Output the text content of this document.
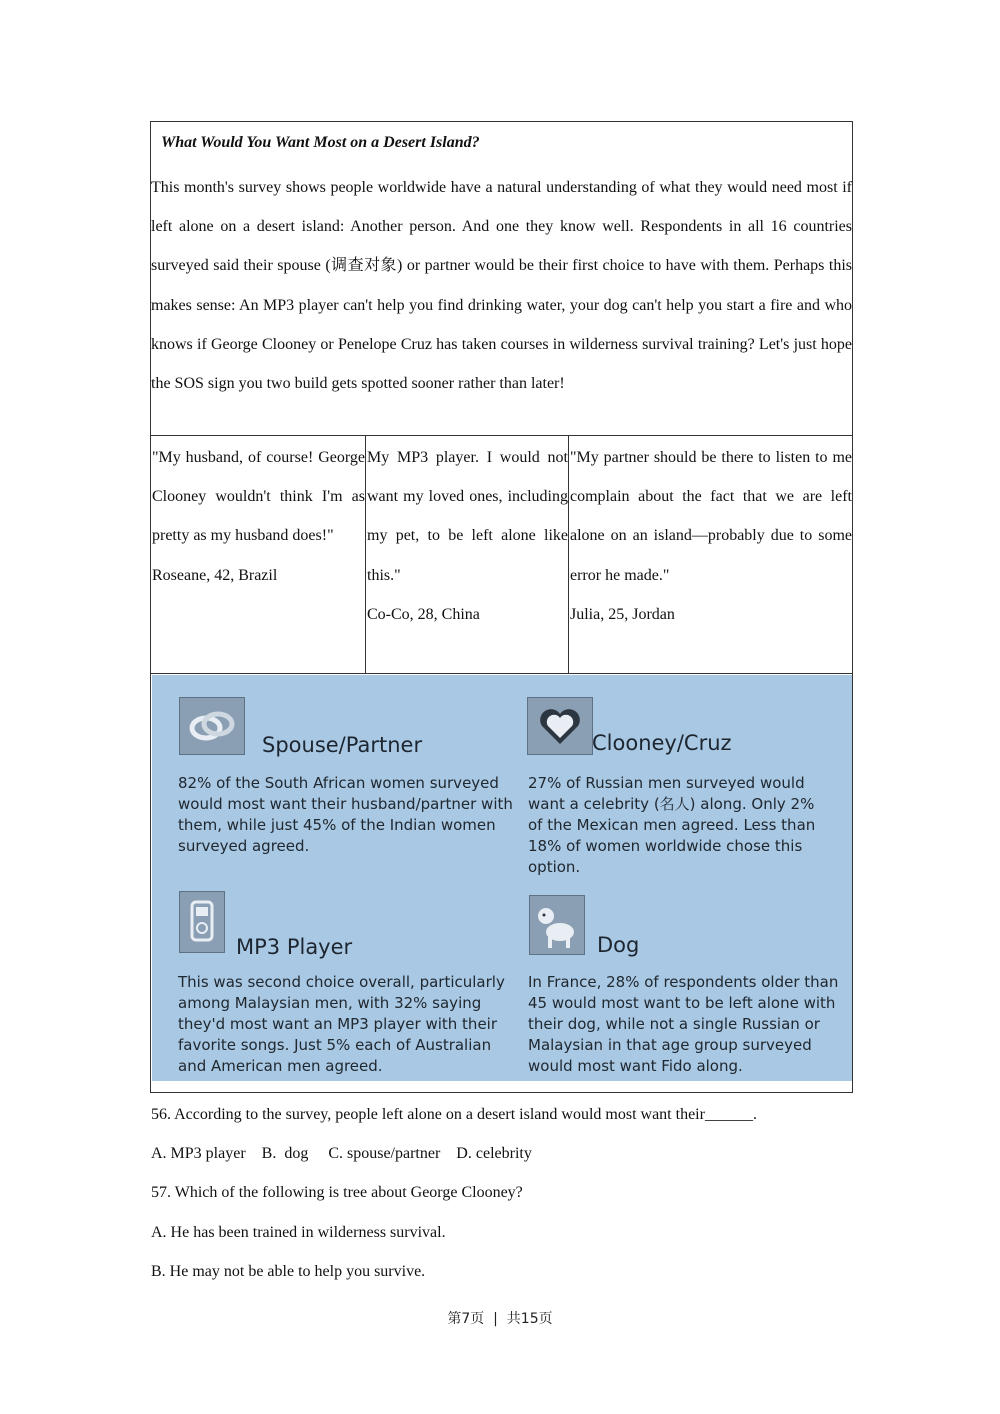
What Would You Want Most on a Desert Island?
This month's survey shows people worldwide have a natural understanding of what they would need most if left alone on a desert island: Another person. And one they know well. Respondents in all 16 countries surveyed said their spouse (调查对象) or partner would be their first choice to have with them. Perhaps this makes sense: An MP3 player can't help you find drinking water, your dog can't help you start a fire and who knows if George Clooney or Penelope Cruz has taken courses in wilderness survival training? Let's just hope the SOS sign you two build gets spotted sooner rather than later!
"My husband, of course! George Clooney wouldn't think I'm as pretty as my husband does!"
Roseane, 42, Brazil
My MP3 player. I would not want my loved ones, including my pet, to be left alone like this."
Co-Co, 28, China
"My partner should be there to listen to me complain about the fact that we are left alone on an island—probably due to some error he made."
Julia, 25, Jordan
Spouse/Partner
82% of the South African women surveyed would most want their husband/partner with them, while just 45% of the Indian women surveyed agreed.
Clooney/Cruz
27% of Russian men surveyed would want a celebrity (名人) along. Only 2% of the Mexican men agreed. Less than 18% of women worldwide chose this option.
MP3 Player
This was second choice overall, particularly among Malaysian men, with 32% saying they'd most want an MP3 player with their favorite songs. Just 5% each of Australian and American men agreed.
Dog
In France, 28% of respondents older than 45 would most want to be left alone with their dog, while not a single Russian or Malaysian in that age group surveyed would most want Fido along.
56. According to the survey, people left alone on a desert island would most want their______.
A. MP3 player    B.  dog     C. spouse/partner    D. celebrity
57. Which of the following is tree about George Clooney?
A. He has been trained in wilderness survival.
B. He may not be able to help you survive.
第7页  |  共15页
